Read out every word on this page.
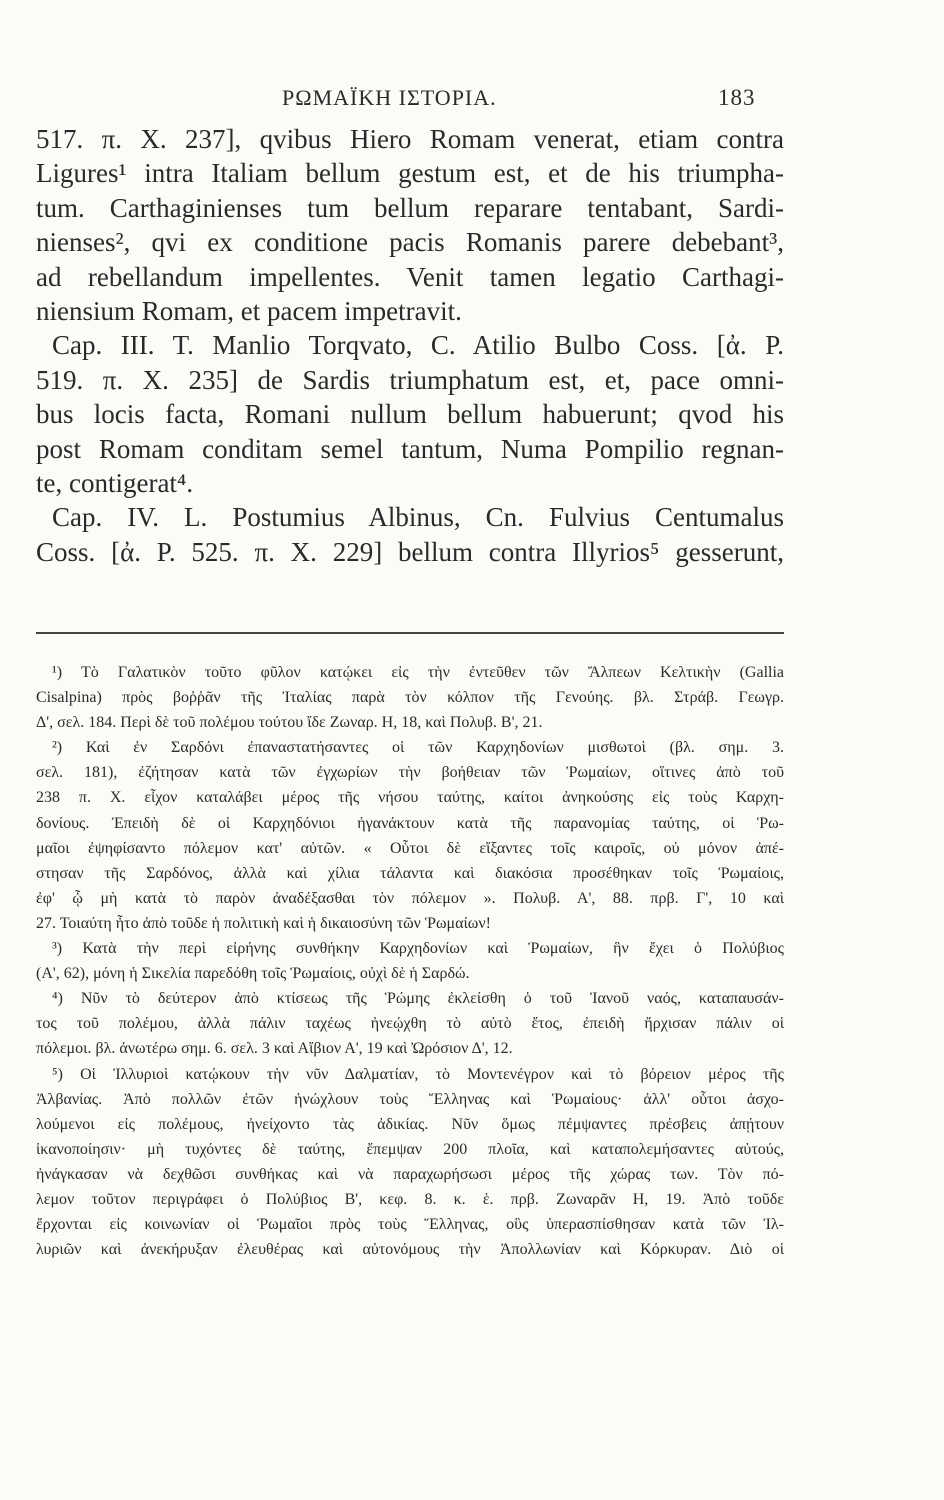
ΡΩΜΑΪΚΗ ΙΣΤΟΡΙΑ.	183
517. π. Χ. 237], qvibus Hiero Romam venerat, etiam contra
Ligures¹ intra Italiam bellum gestum est, et de his triumpha-
tum. Carthaginienses tum bellum reparare tentabant, Sardi-
nienses², qvi ex conditione pacis Romanis parere debebant³,
ad rebellandum impellentes. Venit tamen legatio Carthagi-
niensium Romam, et pacem impetravit.
Cap. III. T. Manlio Torqvato, C. Atilio Bulbo Coss. [ἀ. Ρ.
519. π. Χ. 235] de Sardis triumphatum est, et, pace omni-
bus locis facta, Romani nullum bellum habuerunt; qvod his
post Romam conditam semel tantum, Numa Pompilio regnan-
te, contigerat⁴.
Cap. IV. L. Postumius Albinus, Cn. Fulvius Centumalus
Coss. [ἀ. Ρ. 525. π. Χ. 229] bellum contra Illyrios⁵ gesserunt,
¹) Τὸ Γαλατικὸν τοῦτο φῦλον κατῴκει εἰς τὴν ἐντεῦθεν τῶν Ἄλπεων Κελτικὴν (Gallia
Cisalpina) πρὸς βοῤῥᾶν τῆς Ἰταλίας παρὰ τὸν κόλπον τῆς Γενούης. βλ. Στράβ. Γεωγρ.
Δ', σελ. 184. Περὶ δὲ τοῦ πολέμου τούτου ἴδε Ζωναρ. Η, 18, καὶ Πολυβ. Β', 21.
²) Καὶ ἐν Σαρδόνι ἐπαναστατήσαντες οἱ τῶν Καρχηδονίων μισθωτοὶ (βλ. σημ. 3.
σελ. 181), ἐζήτησαν κατὰ τῶν ἐγχωρίων τὴν βοήθειαν τῶν Ῥωμαίων, οἵτινες ἀπὸ τοῦ
238 π. Χ. εἶχον καταλάβει μέρος τῆς νήσου ταύτης, καίτοι ἀνηκούσης εἰς τοὺς Καρχη-
δονίους. Ἐπειδὴ δὲ οἱ Καρχηδόνιοι ἠγανάκτουν κατὰ τῆς παρανομίας ταύτης, οἱ Ῥω-
μαῖοι ἐψηφίσαντο πόλεμον κατ' αὐτῶν. « Οὗτοι δὲ εἴξαντες τοῖς καιροῖς, οὐ μόνον ἀπέ-
στησαν τῆς Σαρδόνος, ἀλλὰ καὶ χίλια τάλαντα καὶ διακόσια προσέθηκαν τοῖς Ῥωμαίοις,
ἐφ' ᾧ μὴ κατὰ τὸ παρὸν ἀναδέξασθαι τὸν πόλεμον ». Πολυβ. Α', 88. πρβ. Γ', 10 καὶ
27. Τοιαύτη ἦτο ἀπὸ τοῦδε ἡ πολιτικὴ καὶ ἡ δικαιοσύνη τῶν Ῥωμαίων!
³) Κατὰ τὴν περὶ εἰρήνης συνθήκην Καρχηδονίων καὶ Ῥωμαίων, ἣν ἔχει ὁ Πολύβιος
(Α', 62), μόνη ἡ Σικελία παρεδόθη τοῖς Ῥωμαίοις, οὐχὶ δὲ ἡ Σαρδώ.
⁴) Νῦν τὸ δεύτερον ἀπὸ κτίσεως τῆς Ῥώμης ἐκλείσθη ὁ τοῦ Ἰανοῦ ναός, καταπαυσάν-
τος τοῦ πολέμου, ἀλλὰ πάλιν ταχέως ἠνεῴχθη τὸ αὐτὸ ἔτος, ἐπειδὴ ἤρχισαν πάλιν οἱ
πόλεμοι. βλ. ἀνωτέρω σημ. 6. σελ. 3 καὶ Αἴβιον Α', 19 καὶ Ὠρόσιον Δ', 12.
⁵) Οἱ Ἰλλυριοὶ κατῴκουν τὴν νῦν Δαλματίαν, τὸ Μοντενέγρον καὶ τὸ βόρειον μέρος τῆς
Ἀλβανίας. Ἀπὸ πολλῶν ἐτῶν ἠνώχλουν τοὺς Ἕλληνας καὶ Ῥωμαίους· ἀλλ' οὗτοι ἀσχο-
λούμενοι εἰς πολέμους, ἠνείχοντο τὰς ἀδικίας. Νῦν ὅμως πέμψαντες πρέσβεις ἀπῄτουν
ἱκανοποίησιν· μὴ τυχόντες δὲ ταύτης, ἔπεμψαν 200 πλοῖα, καὶ καταπολεμήσαντες αὐτούς,
ἠνάγκασαν νὰ δεχθῶσι συνθήκας καὶ νὰ παραχωρήσωσι μέρος τῆς χώρας των. Τὸν πό-
λεμον τοῦτον περιγράφει ὁ Πολύβιος Β', κεφ. 8. κ. ἑ. πρβ. Ζωναρᾶν Η, 19. Ἀπὸ τοῦδε
ἔρχονται εἰς κοινωνίαν οἱ Ῥωμαῖοι πρὸς τοὺς Ἕλληνας, οὓς ὑπερασπίσθησαν κατὰ τῶν Ἰλ-
λυριῶν καὶ ἀνεκήρυξαν ἐλευθέρας καὶ αὐτονόμους τὴν Ἀπολλωνίαν καὶ Κόρκυραν. Διὸ οἱ
